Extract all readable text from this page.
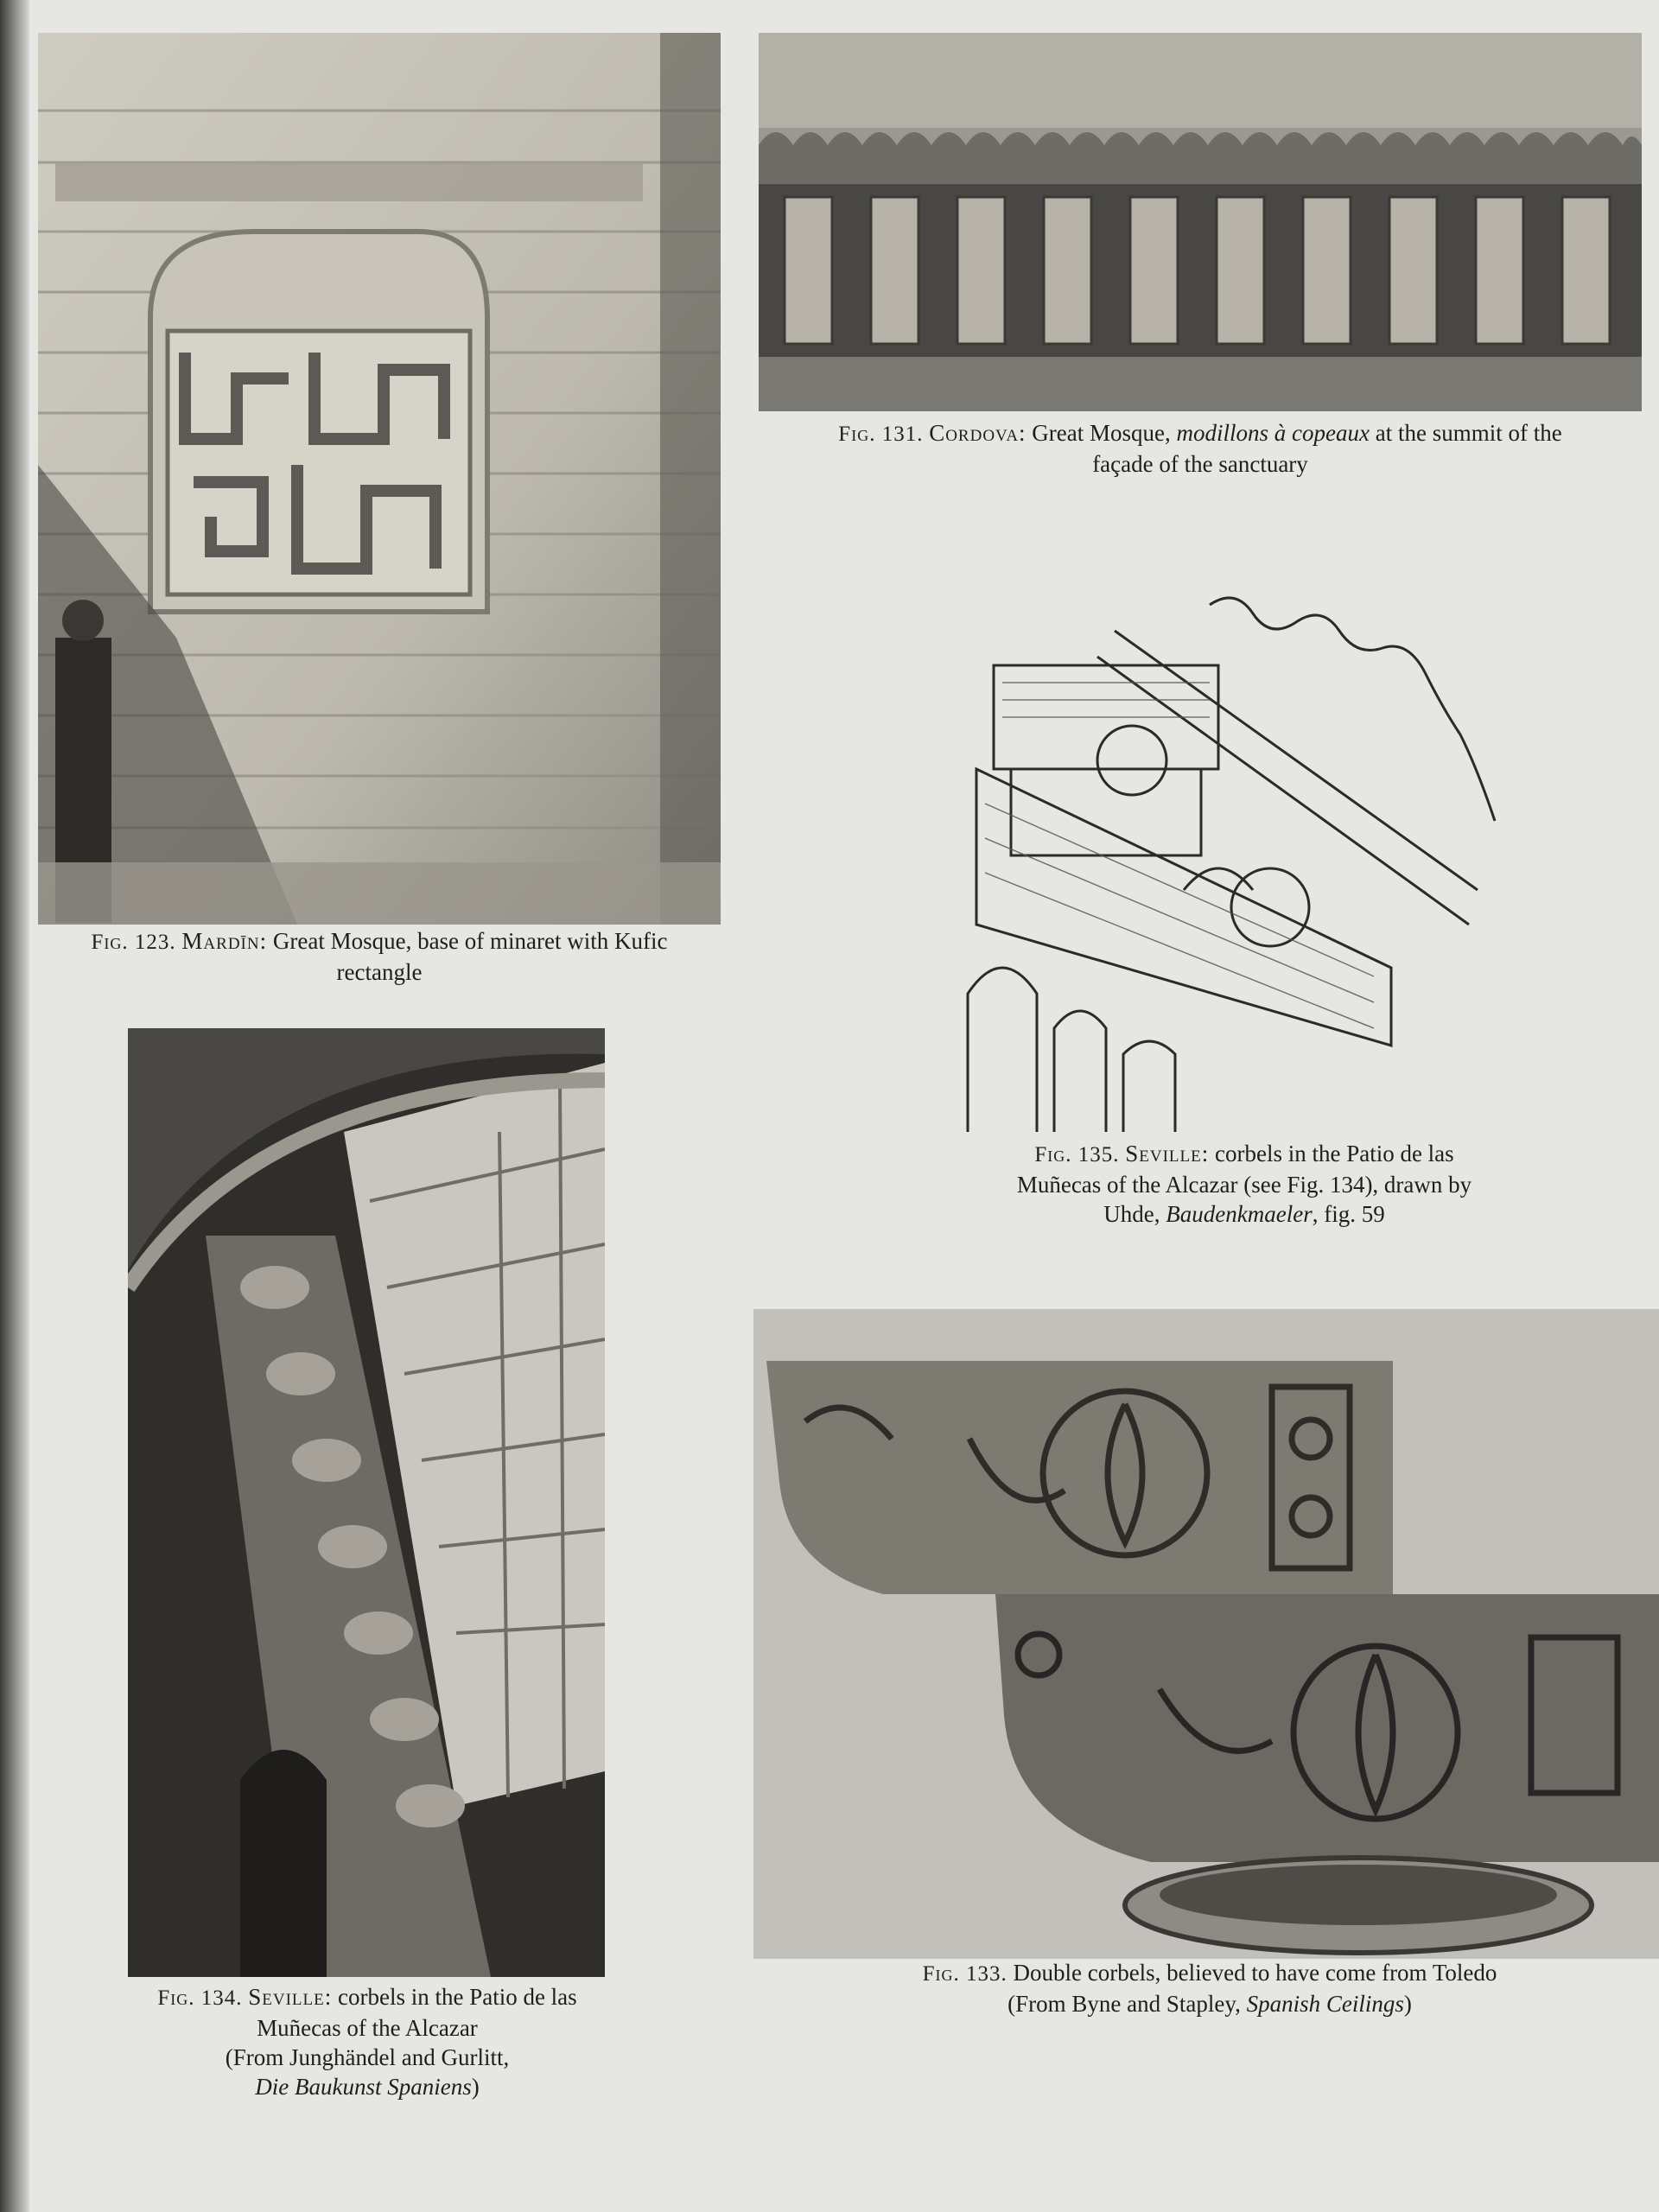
Fig. 123. Mardīn: Great Mosque, base of minaret with Kufic
rectangle
Fig. 131. Cordova: Great Mosque, modillons à copeaux at the summit of the
façade of the sanctuary
Fig. 135. Seville: corbels in the Patio de las
Muñecas of the Alcazar (see Fig. 134), drawn by
Uhde, Baudenkmaeler, fig. 59
Fig. 134. Seville: corbels in the Patio de las
Muñecas of the Alcazar
(From Junghändel and Gurlitt,
Die Baukunst Spaniens)
Fig. 133. Double corbels, believed to have come from Toledo
(From Byne and Stapley, Spanish Ceilings)
